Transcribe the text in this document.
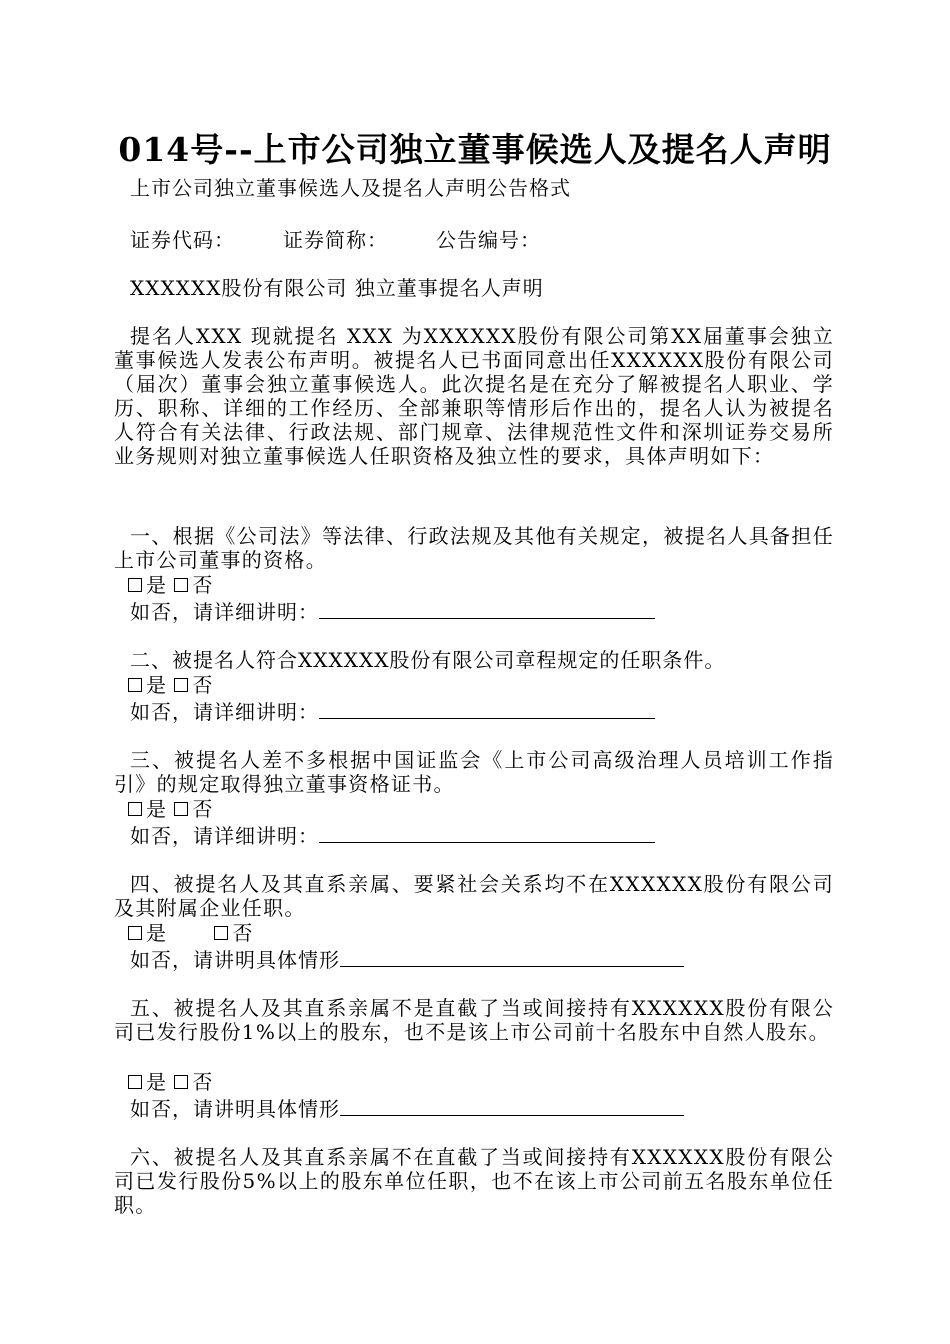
014号--上市公司独立董事候选人及提名人声明
上市公司独立董事候选人及提名人声明公告格式
证券代码： 证券简称： 公告编号：
XXXXXX股份有限公司 独立董事提名人声明
提名人XXX 现就提名 XXX 为XXXXXX股份有限公司第XX届董事会独立董事候选人发表公布声明。被提名人已书面同意出任XXXXXX股份有限公司（届次）董事会独立董事候选人。此次提名是在充分了解被提名人职业、学历、职称、详细的工作经历、全部兼职等情形后作出的，提名人认为被提名人符合有关法律、行政法规、部门规章、法律规范性文件和深圳证券交易所业务规则对独立董事候选人任职资格及独立性的要求，具体声明如下：
一、根据《公司法》等法律、行政法规及其他有关规定，被提名人具备担任上市公司董事的资格。
是 否
如否，请详细讲明：
二、被提名人符合XXXXXX股份有限公司章程规定的任职条件。
是 否
如否，请详细讲明：
三、被提名人差不多根据中国证监会《上市公司高级治理人员培训工作指引》的规定取得独立董事资格证书。
是 否
如否，请详细讲明：
四、被提名人及其直系亲属、要紧社会关系均不在XXXXXX股份有限公司及其附属企业任职。
是	否
如否，请讲明具体情形
五、被提名人及其直系亲属不是直截了当或间接持有XXXXXX股份有限公司已发行股份1%以上的股东，也不是该上市公司前十名股东中自然人股东。
是 否
如否，请讲明具体情形
六、被提名人及其直系亲属不在直截了当或间接持有XXXXXX股份有限公司已发行股份5%以上的股东单位任职，也不在该上市公司前五名股东单位任职。
